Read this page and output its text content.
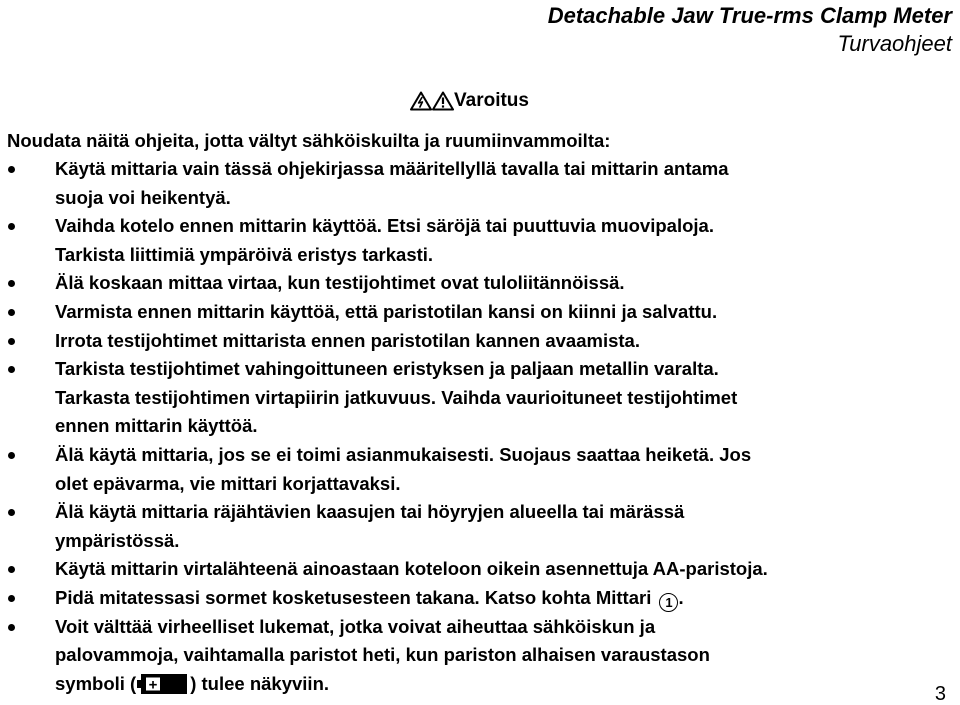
Detachable Jaw True-rms Clamp Meter
Turvaohjeet
Varoitus
Noudata näitä ohjeita, jotta vältyt sähköiskuilta ja ruumiinvammoilta:
Käytä mittaria vain tässä ohjekirjassa määritellyllä tavalla tai mittarin antama
suoja voi heikentyä.
Vaihda kotelo ennen mittarin käyttöä. Etsi säröjä tai puuttuvia muovipaloja.
Tarkista liittimiä ympäröivä eristys tarkasti.
Älä koskaan mittaa virtaa, kun testijohtimet ovat tuloliitännöissä.
Varmista ennen mittarin käyttöä, että paristotilan kansi on kiinni ja salvattu.
Irrota testijohtimet mittarista ennen paristotilan kannen avaamista.
Tarkista testijohtimet vahingoittuneen eristyksen ja paljaan metallin varalta.
Tarkasta testijohtimen virtapiirin jatkuvuus. Vaihda vaurioituneet testijohtimet
ennen mittarin käyttöä.
Älä käytä mittaria, jos se ei toimi asianmukaisesti. Suojaus saattaa heiketä. Jos
olet epävarma, vie mittari korjattavaksi.
Älä käytä mittaria räjähtävien kaasujen tai höyryjen alueella tai märässä
ympäristössä.
Käytä mittarin virtalähteenä ainoastaan koteloon oikein asennettuja AA-paristoja.
Pidä mitatessasi sormet kosketusesteen takana. Katso kohta Mittari 1 .
Voit välttää virheelliset lukemat, jotka voivat aiheuttaa sähköiskun ja
palovammoja, vaihtamalla paristot heti, kun pariston alhaisen varaustason
symboli ( + ) tulee näkyviin.	3
